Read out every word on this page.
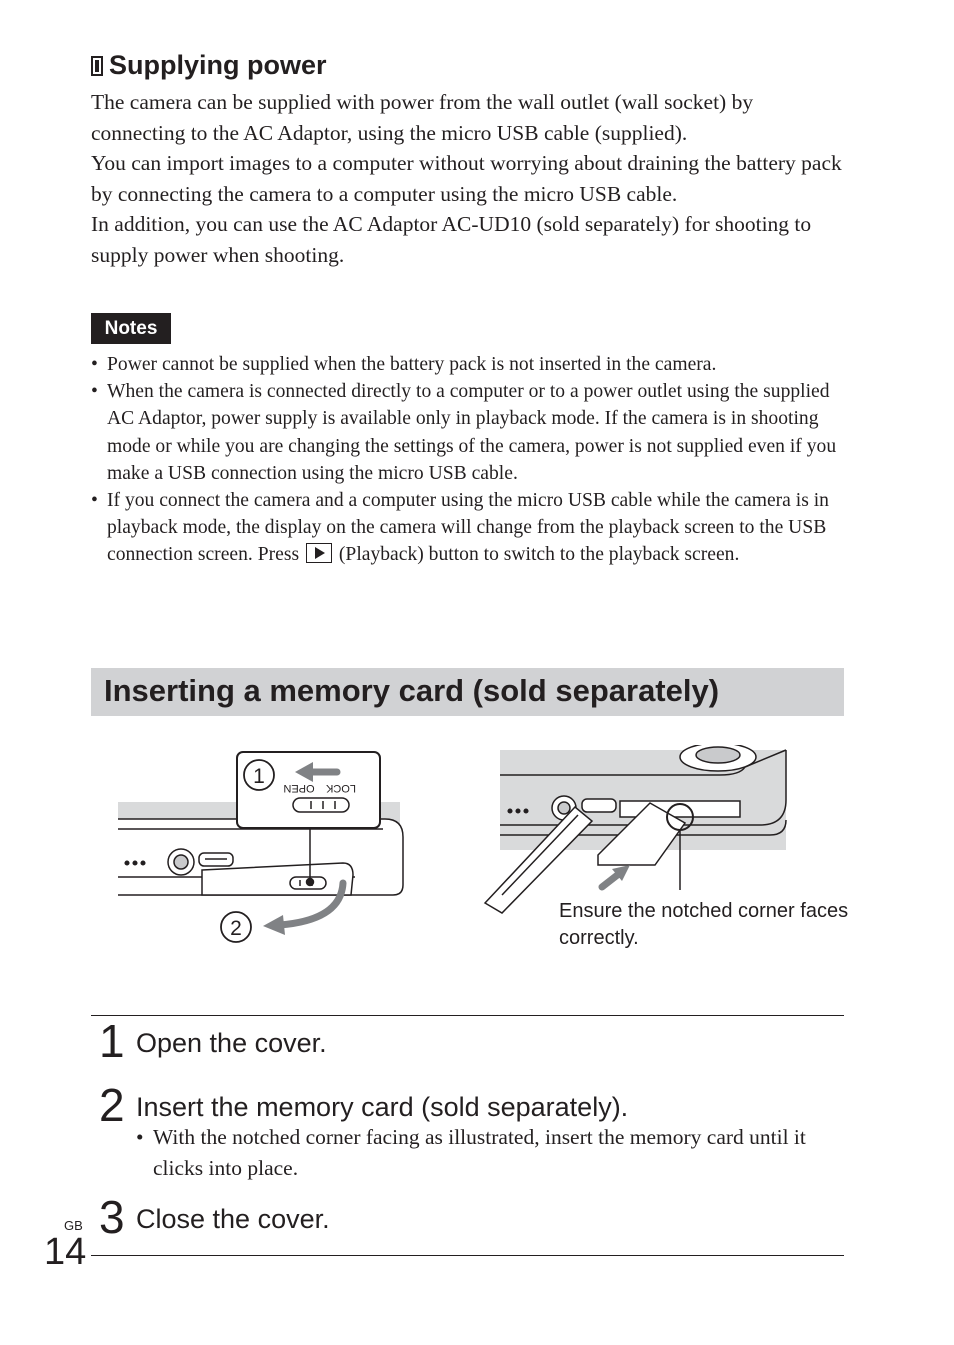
Supplying power

The camera can be supplied with power from the wall outlet (wall socket) by connecting to the AC Adaptor, using the micro USB cable (supplied).

You can import images to a computer without worrying about draining the battery pack by connecting the camera to a computer using the micro USB cable.

In addition, you can use the AC Adaptor AC-UD10 (sold separately) for shooting to supply power when shooting.

Notes
• Power cannot be supplied when the battery pack is not inserted in the camera.
• When the camera is connected directly to a computer or to a power outlet using the supplied AC Adaptor, power supply is available only in playback mode. If the camera is in shooting mode or while you are changing the settings of the camera, power is not supplied even if you make a USB connection using the micro USB cable.
• If you connect the camera and a computer using the micro USB cable while the camera is in playback mode, the display on the camera will change from the playback screen to the USB connection screen. Press (Playback) button to switch to the playback screen.
Inserting a memory card (sold separately)
1
2
LOCK
OPEN
Ensure the notched corner faces correctly.
1 Open the cover.
2 Insert the memory card (sold separately).
• With the notched corner facing as illustrated, insert the memory card until it clicks into place.
3 Close the cover.
GB
14
